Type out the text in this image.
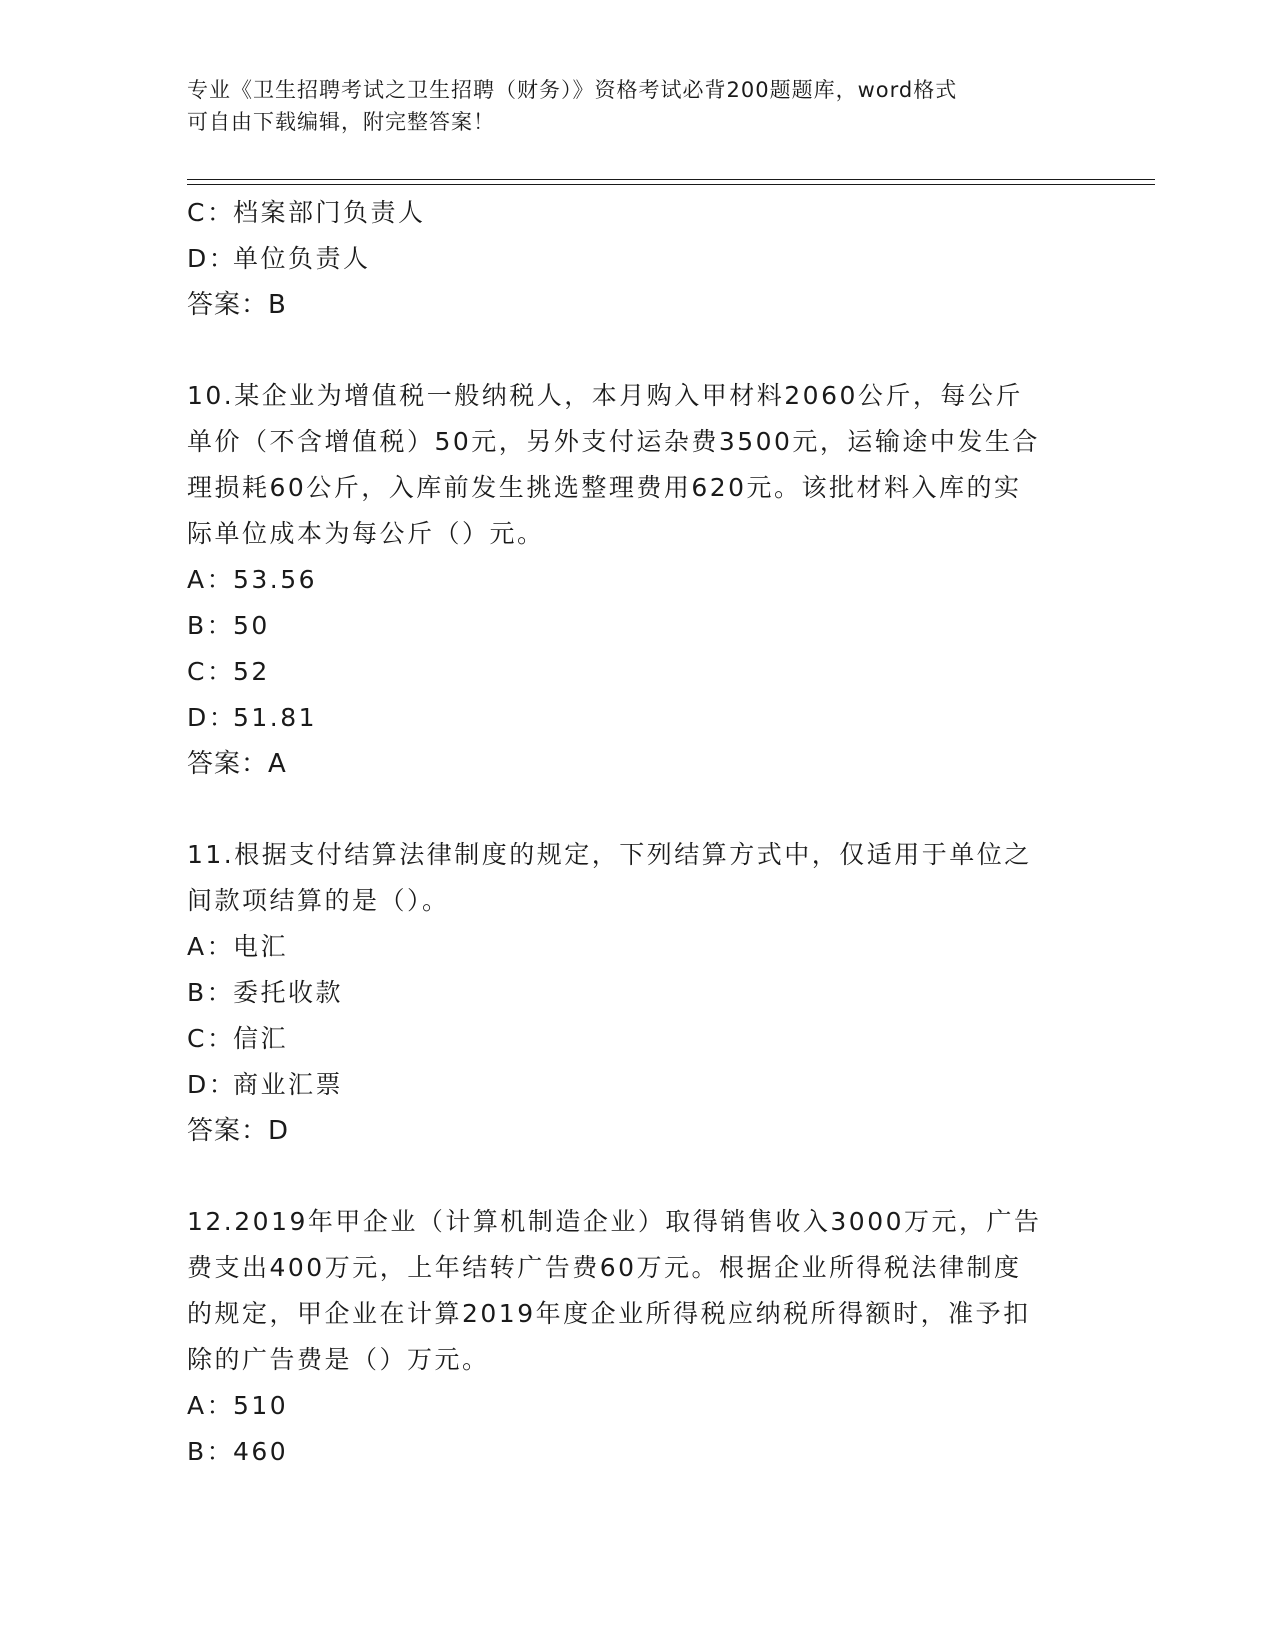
专业《卫生招聘考试之卫生招聘（财务）》资格考试必背200题题库，word格式
可自由下载编辑，附完整答案！
C：档案部门负责人
D：单位负责人
答案：B
10.某企业为增值税一般纳税人，本月购入甲材料2060公斤，每公斤
单价（不含增值税）50元，另外支付运杂费3500元，运输途中发生合
理损耗60公斤，入库前发生挑选整理费用620元。该批材料入库的实
际单位成本为每公斤（）元。
A：53.56
B：50
C：52
D：51.81
答案：A
11.根据支付结算法律制度的规定，下列结算方式中，仅适用于单位之
间款项结算的是（）。
A：电汇
B：委托收款
C：信汇
D：商业汇票
答案：D
12.2019年甲企业（计算机制造企业）取得销售收入3000万元，广告
费支出400万元，上年结转广告费60万元。根据企业所得税法律制度
的规定，甲企业在计算2019年度企业所得税应纳税所得额时，准予扣
除的广告费是（）万元。
A：510
B：460
